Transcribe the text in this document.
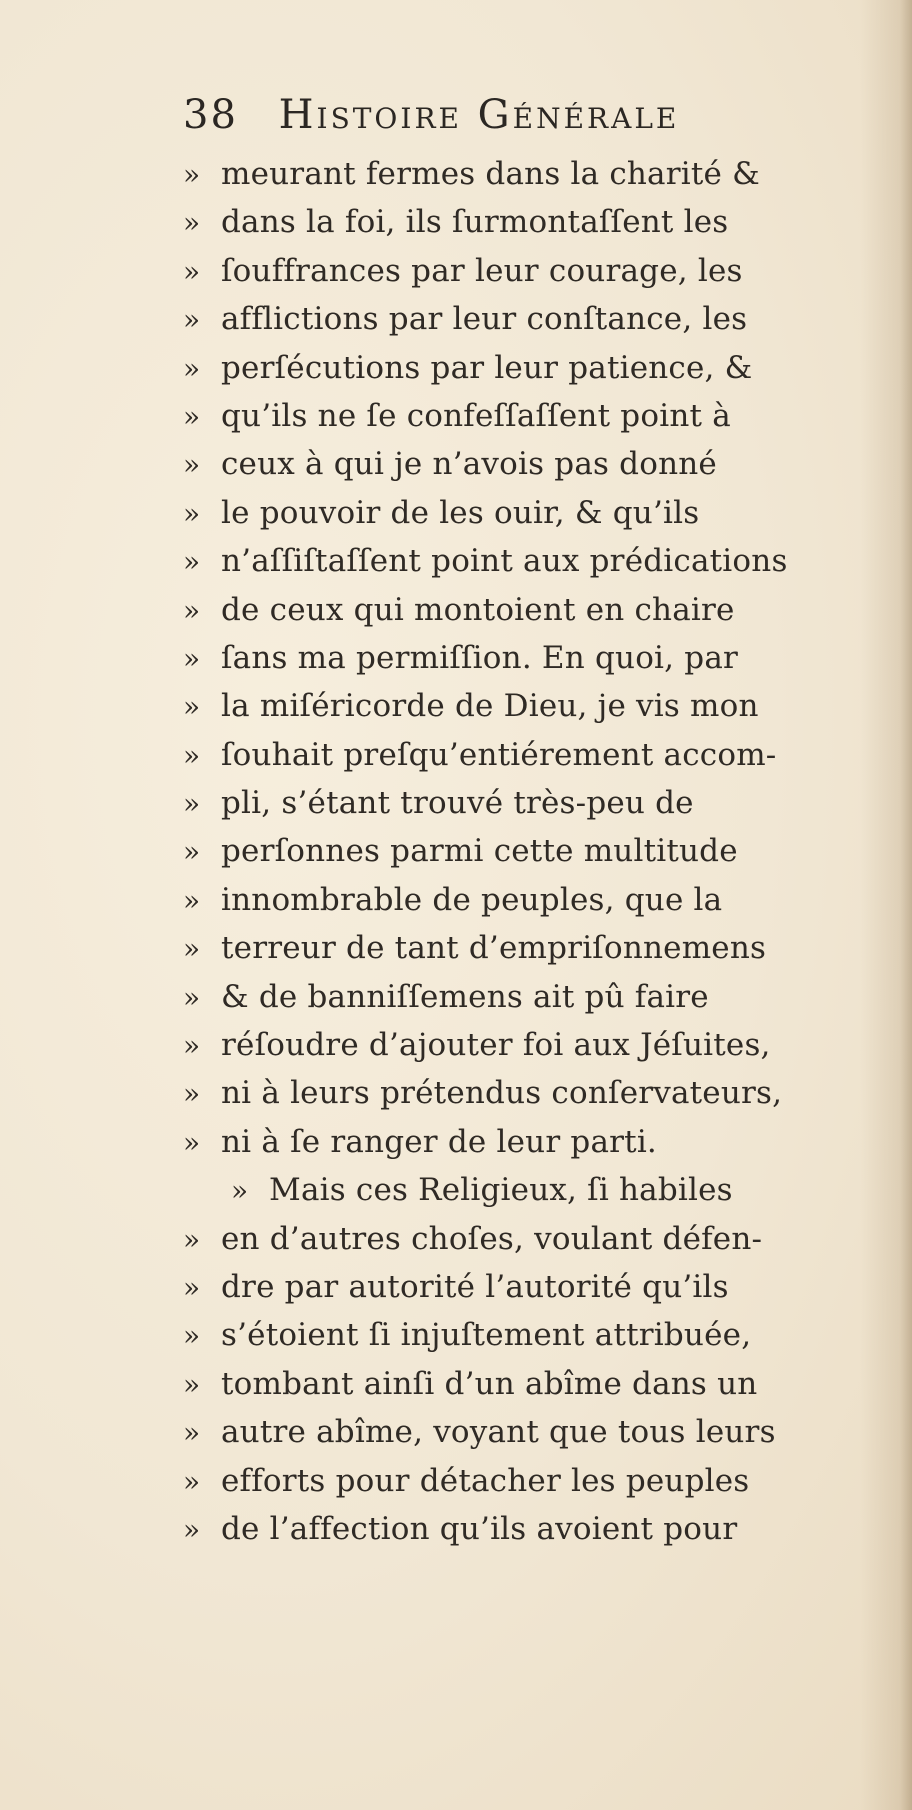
38 Histoire Générale
» meurant fermes dans la charité &
» dans la foi, ils ſurmontaſſent les
» ſouffrances par leur courage, les
» afflictions par leur conſtance, les
» perſécutions par leur patience, &
» qu’ils ne ſe confeſſaſſent point à
» ceux à qui je n’avois pas donné
» le pouvoir de les ouir, & qu’ils
» n’aſſiſtaſſent point aux prédications
» de ceux qui montoient en chaire
» ſans ma permiſſion. En quoi, par
» la miſéricorde de Dieu, je vis mon
» ſouhait preſqu’entiérement accom-
» pli, s’étant trouvé très-peu de
» perſonnes parmi cette multitude
» innombrable de peuples, que la
» terreur de tant d’empriſonnemens
» & de banniſſemens ait pû faire
» réſoudre d’ajouter foi aux Jéſuites,
» ni à leurs prétendus conſervateurs,
» ni à ſe ranger de leur parti.
» Mais ces Religieux, ſi habiles
» en d’autres choſes, voulant défen-
» dre par autorité l’autorité qu’ils
» s’étoient ſi injuſtement attribuée,
» tombant ainſi d’un abîme dans un
» autre abîme, voyant que tous leurs
» efforts pour détacher les peuples
» de l’affection qu’ils avoient pour
